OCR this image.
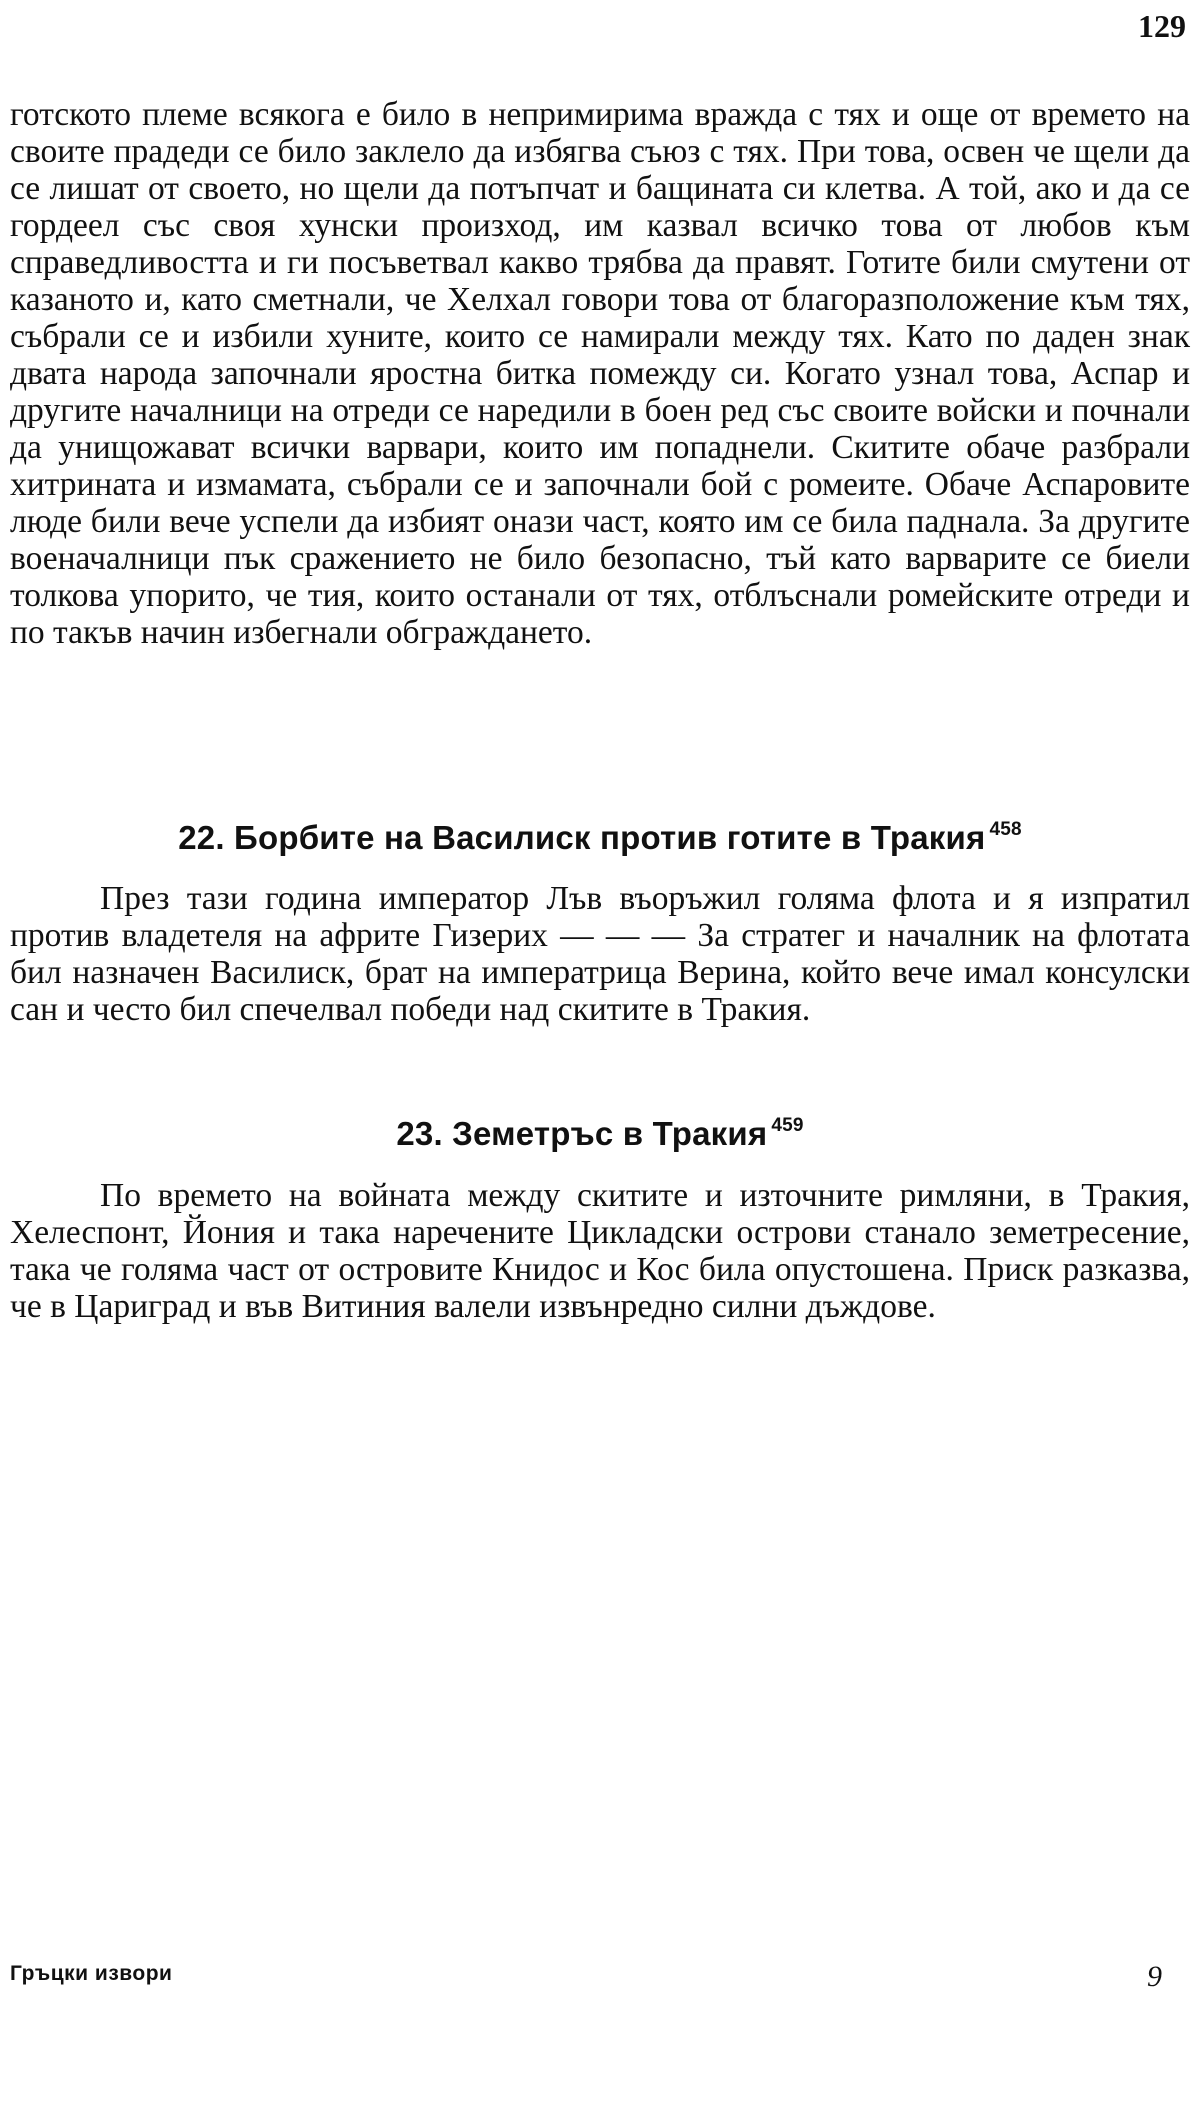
129

готското племе всякога е било в непримирима вражда с тях и още от времето на своите прадеди се било заклело да избягва съюз с тях. При това, освен че щели да се лишат от своето, но щели да потъпчат и бащината си клетва. А той, ако и да се гордеел със своя хунски произход, им казвал всичко това от любов към справедливостта и ги посъветвал какво трябва да правят. Готите били смутени от казаното и, като сметнали, че Хелхал говори това от благоразположение към тях, събрали се и избили хуните, които се намирали между тях. Като по даден знак двата народа започнали яростна битка помежду си. Когато узнал това, Аспар и другите началници на отреди се наредили в боен ред със своите войски и почнали да унищожават всички варвари, които им попаднели. Скитите обаче разбрали хитрината и измамата, събрали се и започнали бой с ромеите. Обаче Аспаровите люде били вече успели да избият онази част, която им се била паднала. За другите военачалници пък сражението не било безопасно, тъй като варварите се биели толкова упорито, че тия, които останали от тях, отблъснали ромейските отреди и по такъв начин избегнали обграждането.

22. Борбите на Василиск против готите в Тракия $^{458}$

През тази година император Лъв въоръжил голяма флота и я изпратил против владетеля на африте Гизерих — — — За стратег и началник на флотата бил назначен Василиск, брат на императрица Верина, който вече имал консулски сан и често бил спечелвал победи над скитите в Тракия.

23. Земетръс в Тракия $^{459}$

По времето на войната между скитите и източните римляни, в Тракия, Хелеспонт, Йония и така наречените Цикладски острови станало земетресение, така че голяма част от островите Книдос и Кос била опустошена. Приск разказва, че в Цариград и във Витиния валели извънредно силни дъждове.

Гръцки извори	9
